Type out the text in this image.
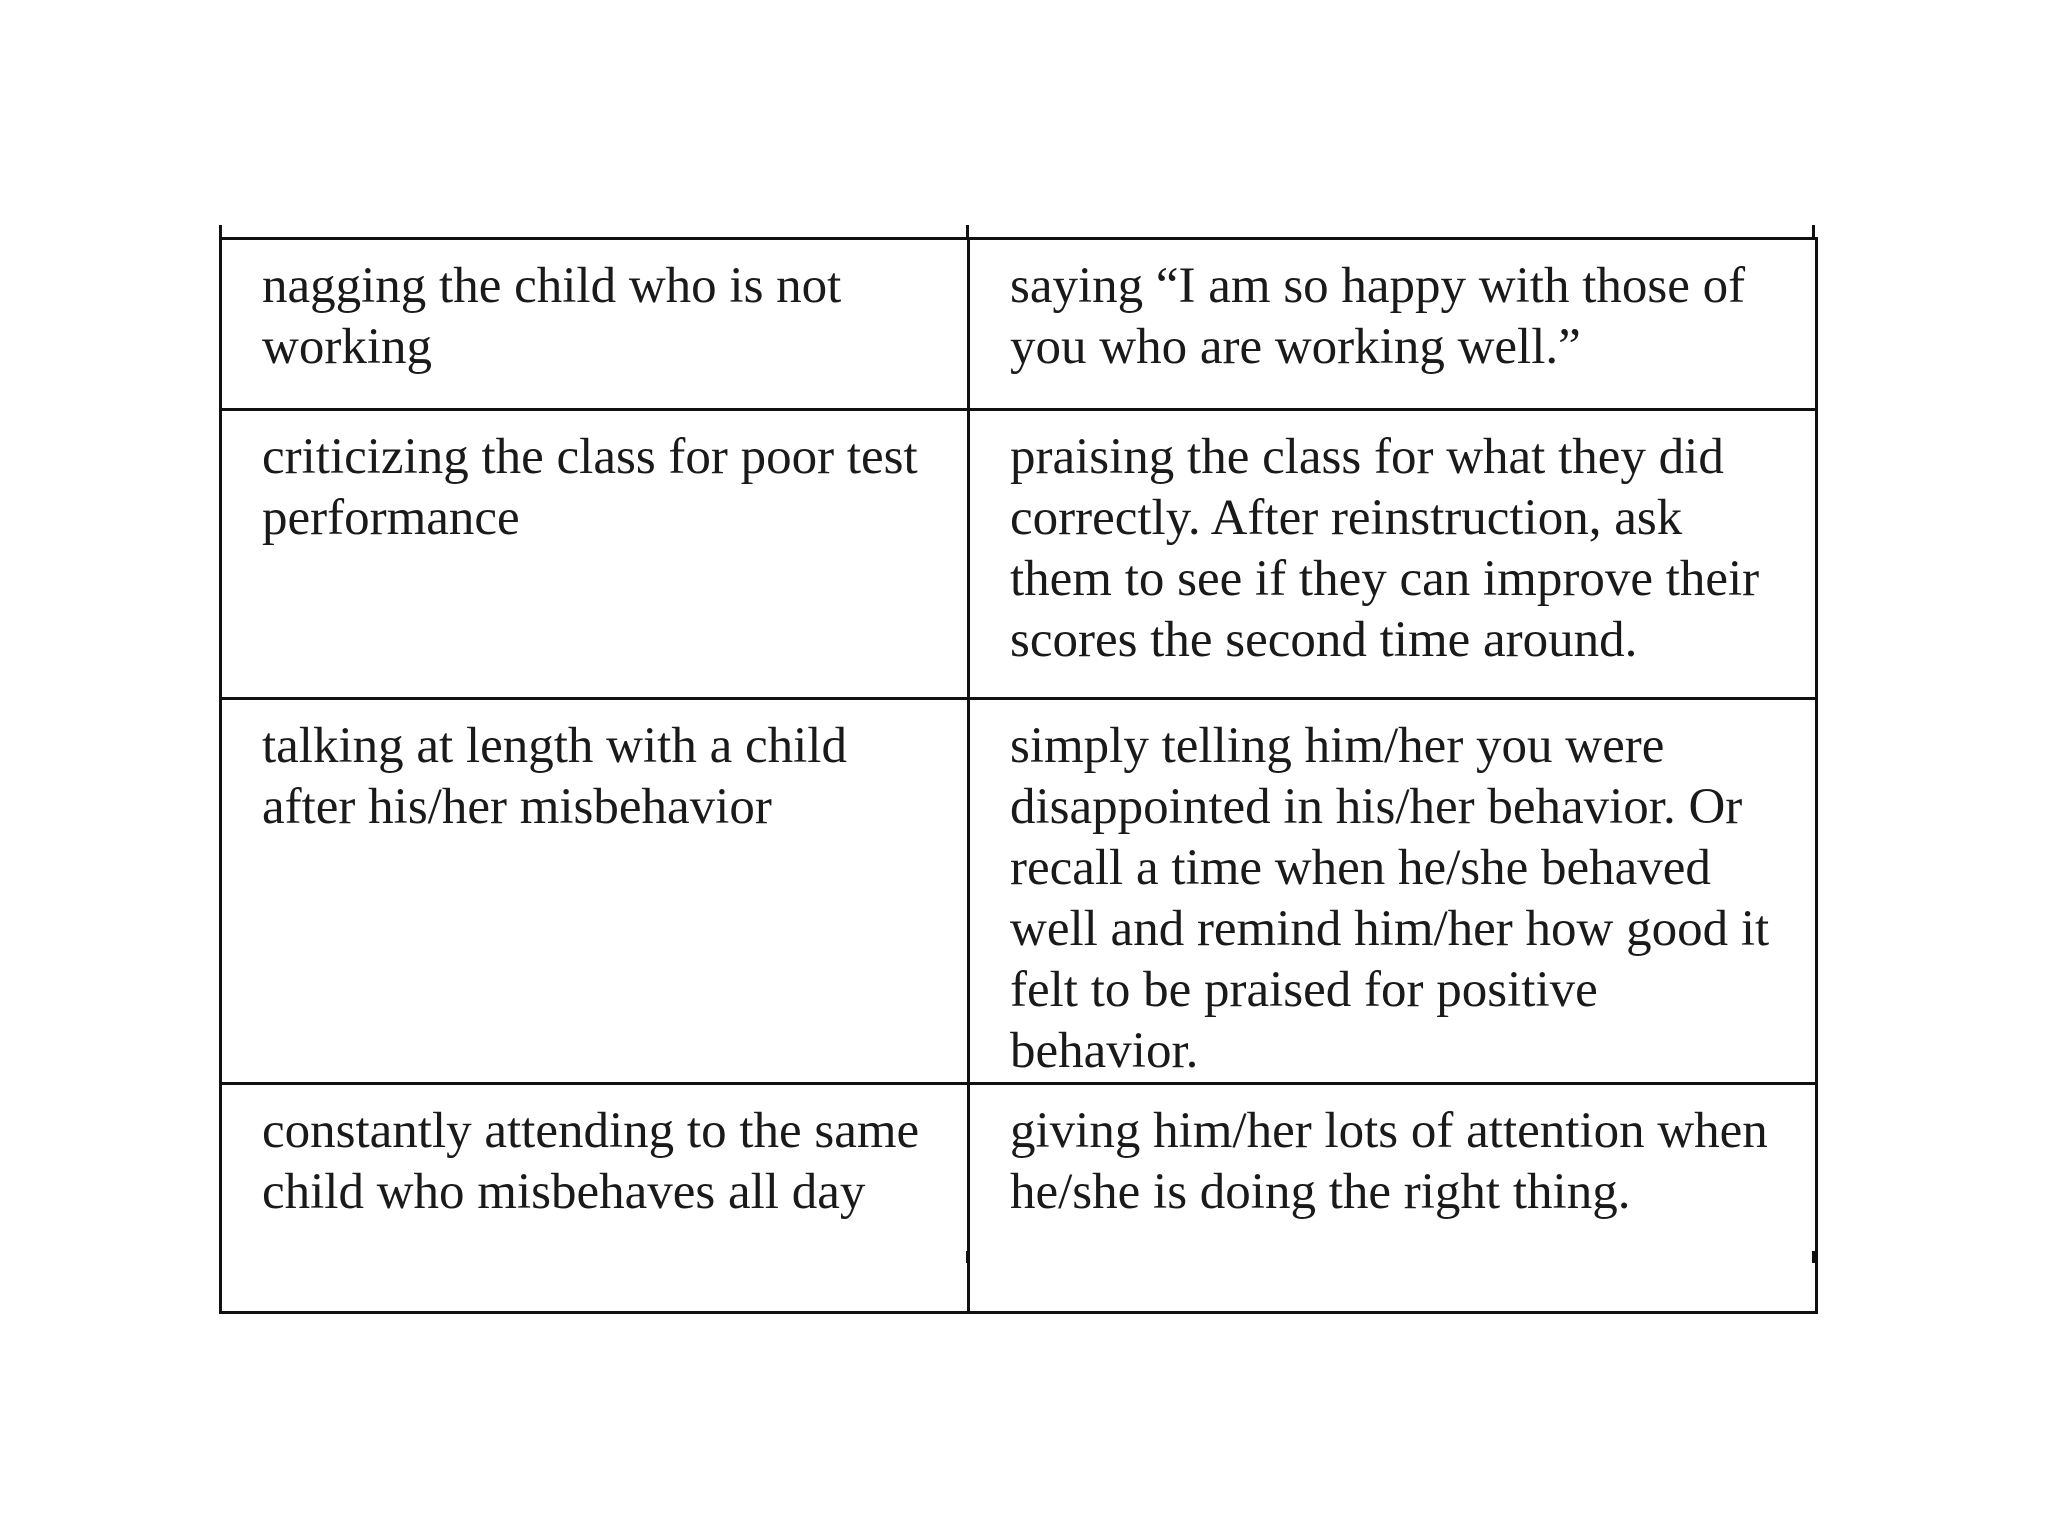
nagging the child who is not working	saying “I am so happy with those of you who are working well.”
criticizing the class for poor test performance	praising the class for what they did correctly. After reinstruction, ask them to see if they can improve their scores the second time around.
talking at length with a child after his/her misbehavior	simply telling him/her you were disappointed in his/her behavior. Or recall a time when he/she behaved well and remind him/her how good it felt to be praised for positive behavior.
constantly attending to the same child who misbehaves all day	giving him/her lots of attention when he/she is doing the right thing.
